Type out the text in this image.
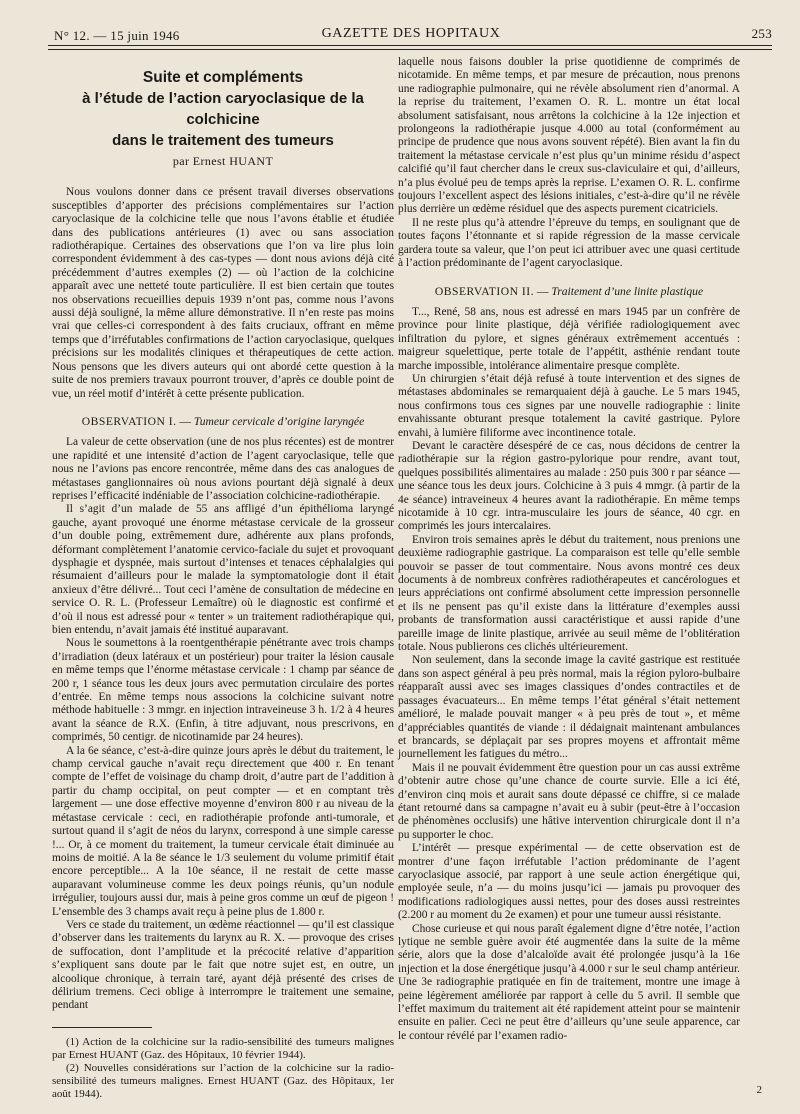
N° 12. — 15 juin 1946	GAZETTE DES HOPITAUX	253
Suite et compléments
à l’étude de l’action caryoclasique de la colchicine
dans le traitement des tumeurs
par Ernest HUANT

Nous voulons donner dans ce présent travail diverses observations susceptibles d’apporter des précisions complémentaires sur l’action caryoclasique de la colchicine telle que nous l’avons établie et étudiée dans des publications antérieures (1) avec ou sans association radiothérapique. Certaines des observations que l’on va lire plus loin correspondent évidemment à des cas-types — dont nous avions déjà cité précédemment d’autres exemples (2) — où l’action de la colchicine apparaît avec une netteté toute particulière. Il est bien certain que toutes nos observations recueillies depuis 1939 n’ont pas, comme nous l’avons aussi déjà souligné, la même allure démonstrative. Il n’en reste pas moins vrai que celles-ci correspondent à des faits cruciaux, offrant en même temps que d’irréfutables confirmations de l’action caryoclasique, quelques précisions sur les modalités cliniques et thérapeutiques de cette action. Nous pensons que les divers auteurs qui ont abordé cette question à la suite de nos premiers travaux pourront trouver, d’après ce double point de vue, un réel motif d’intérêt à cette présente publication.

OBSERVATION I. — Tumeur cervicale d’origine laryngée

La valeur de cette observation (une de nos plus récentes) est de montrer une rapidité et une intensité d’action de l’agent caryoclasique, telle que nous ne l’avions pas encore rencontrée, même dans des cas analogues de métastases ganglionnaires où nous avions pourtant déjà signalé à deux reprises l’efficacité indéniable de l’association colchicine-radiothérapie.

Il s’agit d’un malade de 55 ans affligé d’un épithélioma laryngé gauche, ayant provoqué une énorme métastase cervicale de la grosseur d’un double poing, extrêmement dure, adhérente aux plans profonds, déformant complètement l’anatomie cervico-faciale du sujet et provoquant dysphagie et dyspnée, mais surtout d’intenses et tenaces céphalalgies qui résumaient d’ailleurs pour le malade la symptomatologie dont il était anxieux d’être délivré... Tout ceci l’amène de consultation de médecine en service O. R. L. (Professeur Lemaître) où le diagnostic est confirmé et d’où il nous est adressé pour « tenter » un traitement radiothérapique qui, bien entendu, n’avait jamais été institué auparavant.

Nous le soumettons à la roentgenthérapie pénétrante avec trois champs d’irradiation (deux latéraux et un postérieur) pour traiter la lésion causale en même temps que l’énorme métastase cervicale : 1 champ par séance de 200 r, 1 séance tous les deux jours avec permutation circulaire des portes d’entrée. En même temps nous associons la colchicine suivant notre méthode habituelle : 3 mmgr. en injection intraveineuse 3 h. 1/2 à 4 heures avant la séance de R.X. (Enfin, à titre adjuvant, nous prescrivons, en comprimés, 50 centigr. de nicotinamide par 24 heures).

A la 6e séance, c’est-à-dire quinze jours après le début du traitement, le champ cervical gauche n’avait reçu directement que 400 r. En tenant compte de l’effet de voisinage du champ droit, d’autre part de l’addition à partir du champ occipital, on peut compter — et en comptant très largement — une dose effective moyenne d’environ 800 r au niveau de la métastase cervicale : ceci, en radiothérapie profonde anti-tumorale, et surtout quand il s’agit de néos du larynx, correspond à une simple caresse !... Or, à ce moment du traitement, la tumeur cervicale était diminuée au moins de moitié. A la 8e séance le 1/3 seulement du volume primitif était encore perceptible... A la 10e séance, il ne restait de cette masse auparavant volumineuse comme les deux poings réunis, qu’un nodule irrégulier, toujours aussi dur, mais à peine gros comme un œuf de pigeon ! L’ensemble des 3 champs avait reçu à peine plus de 1.800 r.

Vers ce stade du traitement, un œdème réactionnel — qu’il est classique d’observer dans les traitements du larynx au R. X. — provoque des crises de suffocation, dont l’amplitude et la précocité relative d’apparition s’expliquent sans doute par le fait que notre sujet est, en outre, un alcoolique chronique, à terrain taré, ayant déjà présenté des crises de délirium tremens. Ceci oblige à interrompre le traitement une semaine, pendant

(1) Action de la colchicine sur la radio-sensibilité des tumeurs malignes par Ernest HUANT (Gaz. des Hôpitaux, 10 février 1944).

(2) Nouvelles considérations sur l’action de la colchicine sur la radio-sensibilité des tumeurs malignes. Ernest HUANT (Gaz. des Hôpitaux, 1er août 1944).

laquelle nous faisons doubler la prise quotidienne de comprimés de nicotamide. En même temps, et par mesure de précaution, nous prenons une radiographie pulmonaire, qui ne révèle absolument rien d’anormal. A la reprise du traitement, l’examen O. R. L. montre un état local absolument satisfaisant, nous arrêtons la colchicine à la 12e injection et prolongeons la radiothérapie jusque 4.000 au total (conformément au principe de prudence que nous avons souvent répété). Bien avant la fin du traitement la métastase cervicale n’est plus qu’un minime résidu d’aspect calcifié qu’il faut chercher dans le creux sus-claviculaire et qui, d’ailleurs, n’a plus évolué peu de temps après la reprise. L’examen O. R. L. confirme toujours l’excellent aspect des lésions initiales, c’est-à-dire qu’il ne révèle plus derrière un œdème résiduel que des aspects purement cicatriciels.

Il ne reste plus qu’à attendre l’épreuve du temps, en soulignant que de toutes façons l’étonnante et si rapide régression de la masse cervicale gardera toute sa valeur, que l’on peut ici attribuer avec une quasi certitude à l’action prédominante de l’agent caryoclasique.

OBSERVATION II. — Traitement d’une linite plastique

T..., René, 58 ans, nous est adressé en mars 1945 par un confrère de province pour linite plastique, déjà vérifiée radiologiquement avec infiltration du pylore, et signes généraux extrêmement accentués : maigreur squelettique, perte totale de l’appétit, asthénie rendant toute marche impossible, intolérance alimentaire presque complète.

Un chirurgien s’était déjà refusé à toute intervention et des signes de métastases abdominales se remarquaient déjà à gauche. Le 5 mars 1945, nous confirmons tous ces signes par une nouvelle radiographie : linite envahissante obturant presque totalement la cavité gastrique. Pylore envahi, à lumière filiforme avec incontinence totale.

Devant le caractère désespéré de ce cas, nous décidons de centrer la radiothérapie sur la région gastro-pylorique pour rendre, avant tout, quelques possibilités alimentaires au malade : 250 puis 300 r par séance — une séance tous les deux jours. Colchicine à 3 puis 4 mmgr. (à partir de la 4e séance) intraveineux 4 heures avant la radiothérapie. En même temps nicotamide à 10 cgr. intra-musculaire les jours de séance, 40 cgr. en comprimés les jours intercalaires.

Environ trois semaines après le début du traitement, nous prenions une deuxième radiographie gastrique. La comparaison est telle qu’elle semble pouvoir se passer de tout commentaire. Nous avons montré ces deux documents à de nombreux confrères radiothérapeutes et cancérologues et leurs appréciations ont confirmé absolument cette impression personnelle et ils ne pensent pas qu’il existe dans la littérature d’exemples aussi probants de transformation aussi caractéristique et aussi rapide d’une pareille image de linite plastique, arrivée au seuil même de l’oblitération totale. Nous publierons ces clichés ultérieurement.

Non seulement, dans la seconde image la cavité gastrique est restituée dans son aspect général à peu près normal, mais la région pyloro-bulbaire réapparaît aussi avec ses images classiques d’ondes contractiles et de passages évacuateurs... En même temps l’état général s’était nettement amélioré, le malade pouvait manger « à peu près de tout », et même d’appréciables quantités de viande : il dédaignait maintenant ambulances et brancards, se déplaçait par ses propres moyens et affrontait même journellement les fatigues du métro...

Mais il ne pouvait évidemment être question pour un cas aussi extrême d’obtenir autre chose qu’une chance de courte survie. Elle a ici été, d’environ cinq mois et aurait sans doute dépassé ce chiffre, si ce malade étant retourné dans sa campagne n’avait eu à subir (peut-être à l’occasion de phénomènes occlusifs) une hâtive intervention chirurgicale dont il n’a pu supporter le choc.

L’intérêt — presque expérimental — de cette observation est de montrer d’une façon irréfutable l’action prédominante de l’agent caryoclasique associé, par rapport à une seule action énergétique qui, employée seule, n’a — du moins jusqu’ici — jamais pu provoquer des modifications radiologiques aussi nettes, pour des doses aussi restreintes (2.200 r au moment du 2e examen) et pour une tumeur aussi résistante.

Chose curieuse et qui nous paraît également digne d’être notée, l’action lytique ne semble guère avoir été augmentée dans la suite de la même série, alors que la dose d’alcaloïde avait été prolongée jusqu’à la 16e injection et la dose énergétique jusqu’à 4.000 r sur le seul champ antérieur. Une 3e radiographie pratiquée en fin de traitement, montre une image à peine légèrement améliorée par rapport à celle du 5 avril. Il semble que l’effet maximum du traitement ait été rapidement atteint pour se maintenir ensuite en palier. Ceci ne peut être d’ailleurs qu’une seule apparence, car le contour révélé par l’examen radio-

2
